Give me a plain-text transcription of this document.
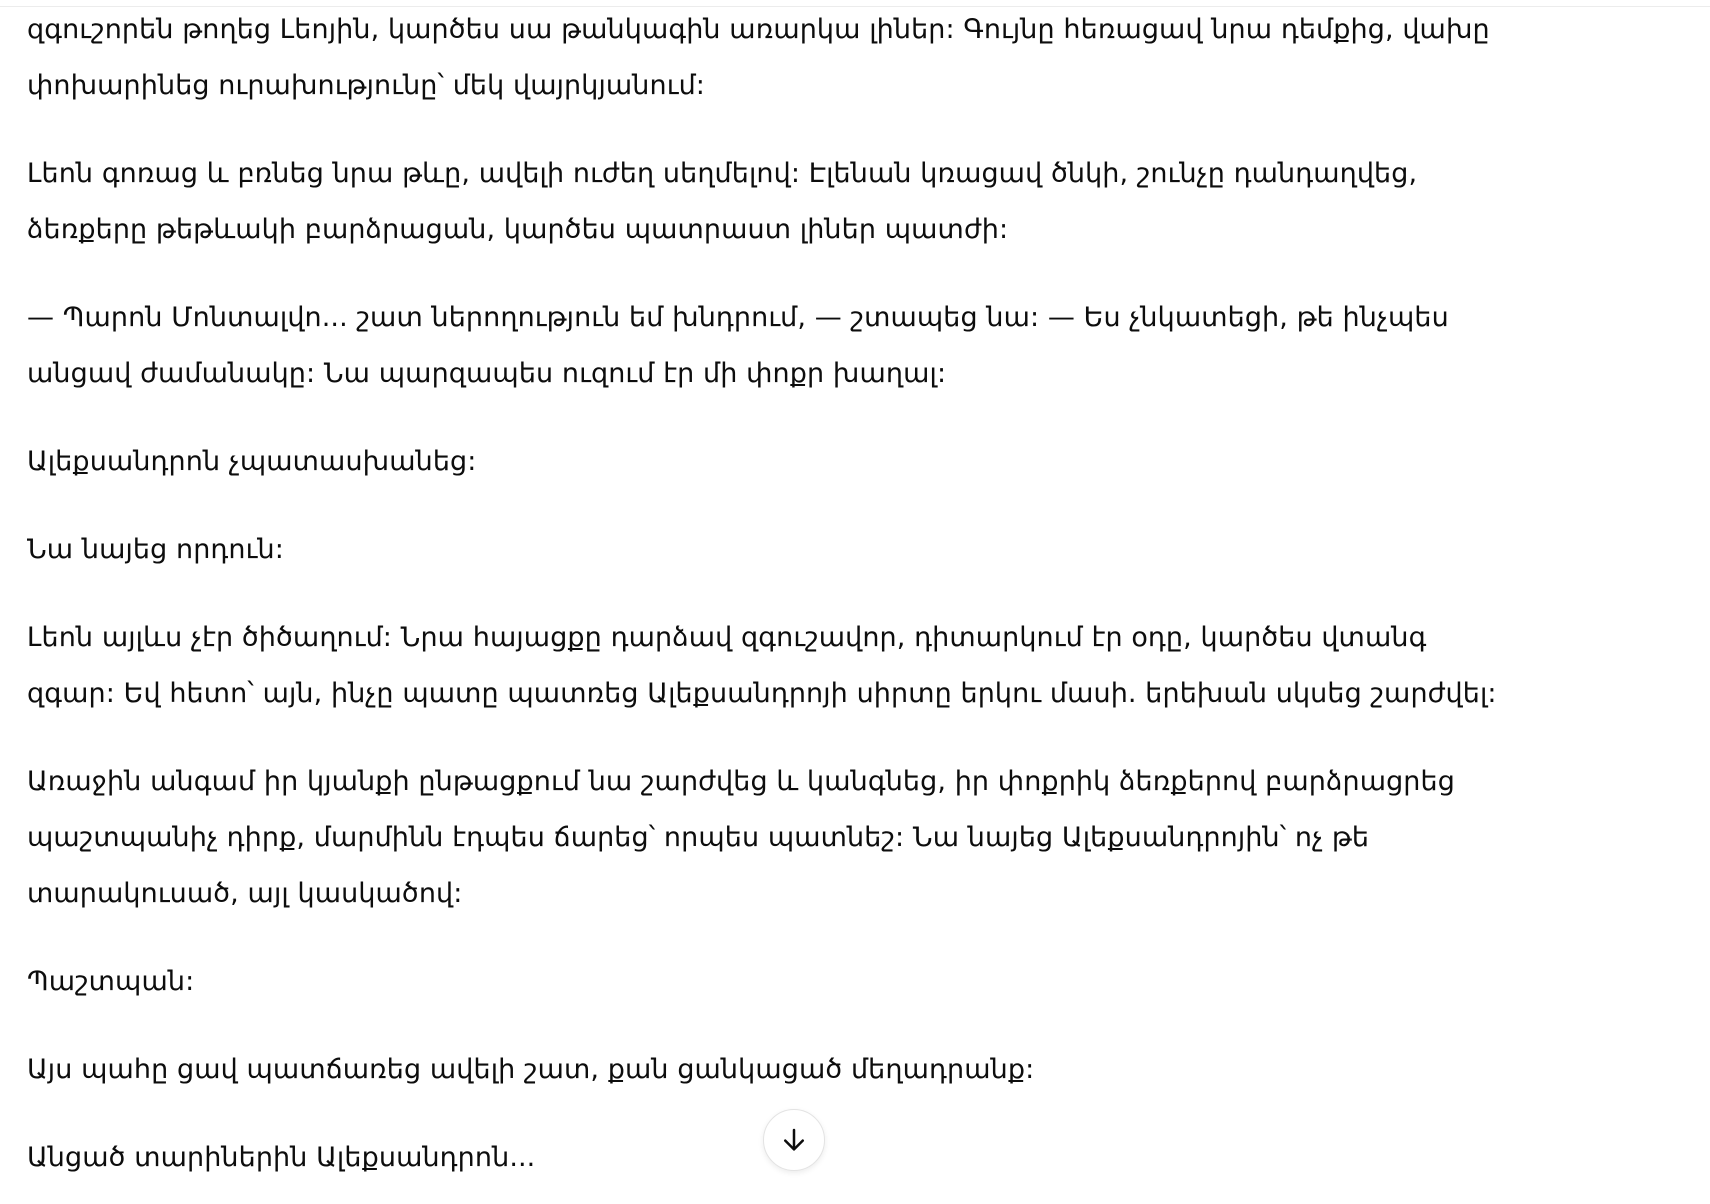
զգուշորեն թողեց Լեոյին, կարծես սա թանկագին առարկա լիներ: Գույնը հեռացավ նրա դեմքից, վախը
փոխարինեց ուրախությունը՝ մեկ վայրկյանում:

Լեոն գոռաց և բռնեց նրա թևը, ավելի ուժեղ սեղմելով: Էլենան կռացավ ծնկի, շունչը դանդաղվեց,
ձեռքերը թեթևակի բարձրացան, կարծես պատրաստ լիներ պատժի:

— Պարոն Մոնտալվո... շատ ներողություն եմ խնդրում, — շտապեց նա: — Ես չնկատեցի, թե ինչպես
անցավ ժամանակը: Նա պարզապես ուզում էր մի փոքր խաղալ:

Ալեքսանդրոն չպատասխանեց:

Նա նայեց որդուն:

Լեոն այլևս չէր ծիծաղում: Նրա հայացքը դարձավ զգուշավոր, դիտարկում էր օդը, կարծես վտանգ
զգար: Եվ հետո՝ այն, ինչը պատը պատռեց Ալեքսանդրոյի սիրտը երկու մասի. երեխան սկսեց շարժվել:

Առաջին անգամ իր կյանքի ընթացքում նա շարժվեց և կանգնեց, իր փոքրիկ ձեռքերով բարձրացրեց
պաշտպանիչ դիրք, մարմինն էդպես ճարեց՝ որպես պատնեշ: Նա նայեց Ալեքսանդրոյին՝ ոչ թե
տարակուսած, այլ կասկածով:

Պաշտպան:

Այս պահը ցավ պատճառեց ավելի շատ, քան ցանկացած մեղադրանք:

Անցած տարիներին Ալեքսանդրոն...
